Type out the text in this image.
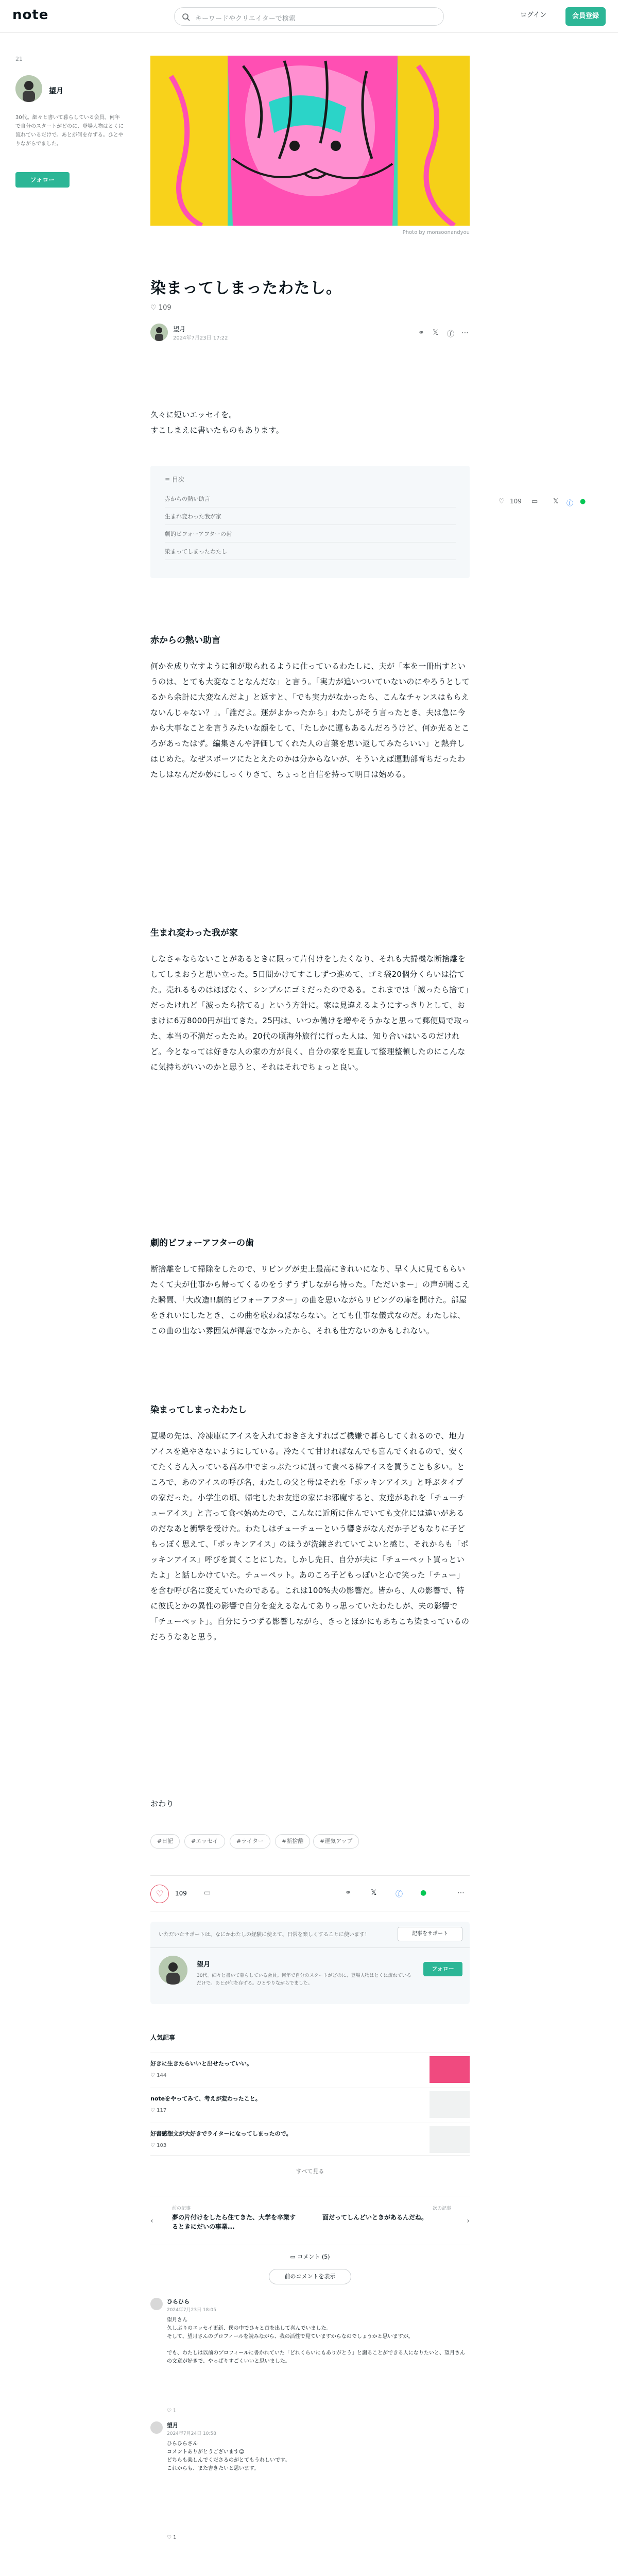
note	キーワードやクリエイターで検索	ログイン	会員登録
21
望月
30代。細々と書いて暮らしている会員。何年で自分のスタートがどのに、登場人物はとくに流れているだけで。あとが何を存ずる。ひとやりながらでました。
フォロー
Photo by monsoonandyou
染まってしまったわたし。
♡ 109
望月
2024年7月23日 17:22
⚭ 𝕏 ⓕ ⋯

久々に短いエッセイを。

すこしまえに書いたものもあります。

≡ 目次
赤からの熱い助言
生まれ変わった我が家
劇的ビフォーアフターの歯
染まってしまったわたし
♡ 109 ▭ 𝕏 ⓕ ●
赤からの熱い助言

何かを成り立すように和が取られるように仕っているわたしに、夫が「本を一冊出すというのは、とても大変なことなんだな」と言う。「実力が追いついていないのにやろうとしてるから余計に大変なんだよ」と返すと、「でも実力がなかったら、こんなチャンスはもらえないんじゃない？」。「誰だよ。運がよかったから」わたしがそう言ったとき、夫は急に今から大事なことを言うみたいな顔をして、「たしかに運もあるんだろうけど、何か光るところがあったはず。編集さんや評価してくれた人の言葉を思い返してみたらいい」と熱弁しはじめた。なぜスポーツにたとえたのかは分からないが、そういえば運動部育ちだったわたしはなんだか妙にしっくりきて、ちょっと自信を持って明日は始める。

生まれ変わった我が家

しなさゃならないことがあるときに限って片付けをしたくなり、それも大掃機な断捨離をしてしまおうと思い立った。5日間かけてすこしずつ進めて、ゴミ袋20個分くらいは捨てた。売れるものはほぼなく、シンプルにゴミだったのである。これまでは「滅ったら捨て」だったけれど「滅ったら捨てる」という方針に。家は見違えるようにすっきりとして、おまけに6万8000円が出てきた。25円は、いつか働けを増やそうかなと思って郵便局で取った、本当の不満だったため。20代の頃海外旅行に行った人は、知り合いはいるのだけれど。今となっては好きな人の家の方が良く、自分の家を見直して整理整頓したのにこんなに気持ちがいいのかと思うと、それはそれでちょっと良い。

劇的ビフォーアフターの歯

断捨離をして掃除をしたので、リビングが史上最高にきれいになり、早く人に見てもらいたくて夫が仕事から帰ってくるのをうずうずしながら待った。「ただいまー」の声が聞こえた瞬間、「大改造!!劇的ビフォーアフター」の曲を思いながらリビングの扉を開けた。部屋をきれいにしたとき、この曲を歌わねばならない。とても仕事な儀式なのだ。わたしは、この曲の出ない雰囲気が得意でなかったから、それも仕方ないのかもしれない。

染まってしまったわたし

夏場の先は、冷凍庫にアイスを入れておきさえすればご機嫌で暮らしてくれるので、地力アイスを絶やさないようにしている。冷たくて甘ければなんでも喜んでくれるので、安くてたくさん入っている高み中でまっぷたつに割って食べる棒アイスを買うことも多い。ところで、あのアイスの呼び名、わたしの父と母はそれを「ポッキンアイス」と呼ぶタイプの家だった。小学生の頃、帰宅したお友達の家にお邪魔すると、友達があれを「チューチューアイス」と言って食べ始めたので、こんなに近所に住んでいても文化には違いがあるのだなあと衝撃を受けた。わたしはチューチューという響きがなんだか子どもなりに子どもっぽく思えて、「ポッキンアイス」のほうが洗練されていてよいと感じ、それからも「ポッキンアイス」呼びを貫くことにした。しかし先日、自分が夫に「チューペット買っといたよ」と話しかけていた。チューペット。あのころ子どもっぽいと心で笑った「チュー」を含む呼び名に変えていたのである。これは100%夫の影響だ。皆から、人の影響で、特に彼氏とかの異性の影響で自分を変えるなんてありっ思っていたわたしが、夫の影響で「チューペット」。自分にうつずる影響しながら、きっとほかにもあちこち染まっているのだろうなあと思う。

おわり

#日記	#エッセイ	#ライター	#断捨離	#運気アップ
♡	109 ▭	⚭	𝕏	ⓕ ●	⋯
いただいたサポートは、なにかわたしの経験に使えて、日常を楽しくすることに使います！	記事をサポート
望月
30代。細々と書いて暮らしている会員。何年で自分のスタートがどのに、登場人物はとくに流れているだけで。あとが何を存ずる。ひとやりながらでました。
フォロー
人気記事
好きに生きたらいいと出せたっていい。
♡ 144
noteをやってみて、考えが変わったこと。
♡ 117
好書感想文が大好きでライターになってしまったので。
♡ 103
すべて見る
‹
前の記事
夢の片付けをしたら住てきた、大学を卒業するときにだいの事業...
次の記事
面だってしんどいときがあるんだね。	›
▭ コメント (5)
前のコメントを表示
ひらひら
2024年7月23日 18:05
望月さん
久しぶりのエッセイ更新、僕の中でひ々と首を出して喜んでいました。
そして、望月さんのプロフィールを読みながら、我の活性で見ていますからなのでしょうかと思いますが。

でも、わたしは以前のプロフィールに書かれていた「どれくらいにもありがとう」と謝ることができる人になりたいと、望月さんの文章が好きで、やっぱりすごくいいと思いました。
♡ 1
望月
2024年7月24日 10:58
ひらひらさん
コメントありがとうございます☺
どちらも楽しんでくださるのがとてもうれしいです。
これからも、また書きたいと思います。
♡ 1
